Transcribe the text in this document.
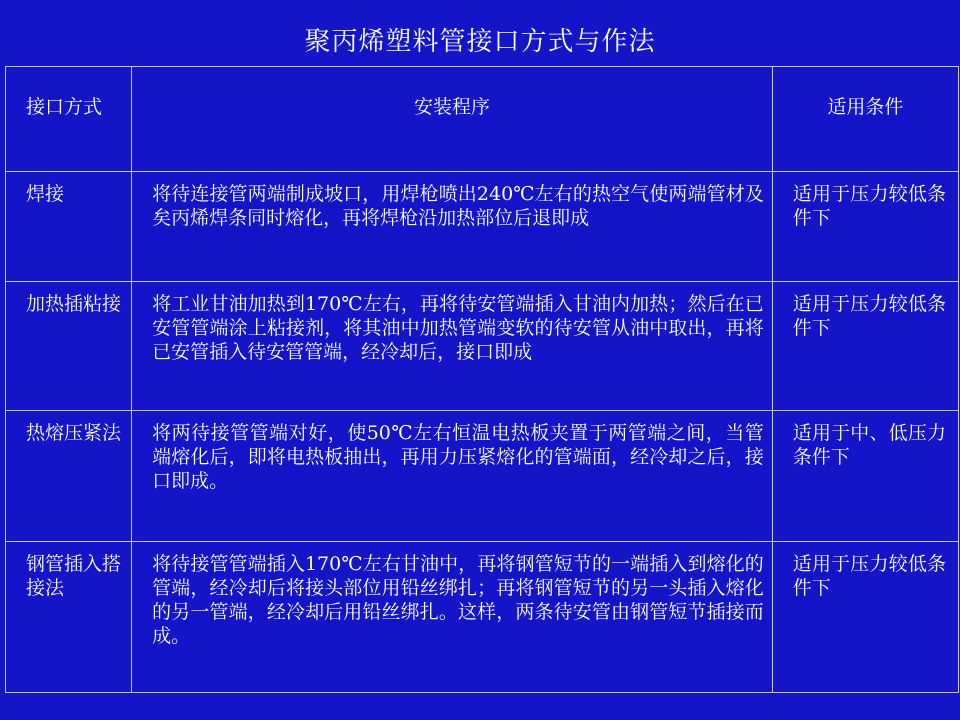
聚丙烯塑料管接口方式与作法
接口方式	安装程序	适用条件

焊接	将待连接管两端制成坡口，用焊枪喷出240℃左右的热空气使两端管材及矣丙烯焊条同时熔化，再将焊枪沿加热部位后退即成	适用于压力较低条件下

加热插粘接	将工业甘油加热到170℃左右，再将待安管端插入甘油内加热；然后在已安管管端涂上粘接剂，将其油中加热管端变软的待安管从油中取出，再将已安管插入待安管管端，经冷却后，接口即成	适用于压力较低条件下

热熔压紧法	将两待接管管端对好，使50℃左右恒温电热板夹置于两管端之间，当管端熔化后，即将电热板抽出，再用力压紧熔化的管端面，经冷却之后，接口即成。	适用于中、低压力条件下

钢管插入搭接法	将待接管管端插入170℃左右甘油中，再将钢管短节的一端插入到熔化的管端，经冷却后将接头部位用铅丝绑扎；再将钢管短节的另一头插入熔化的另一管端，经冷却后用铅丝绑扎。这样，两条待安管由钢管短节插接而成。	适用于压力较低条件下
